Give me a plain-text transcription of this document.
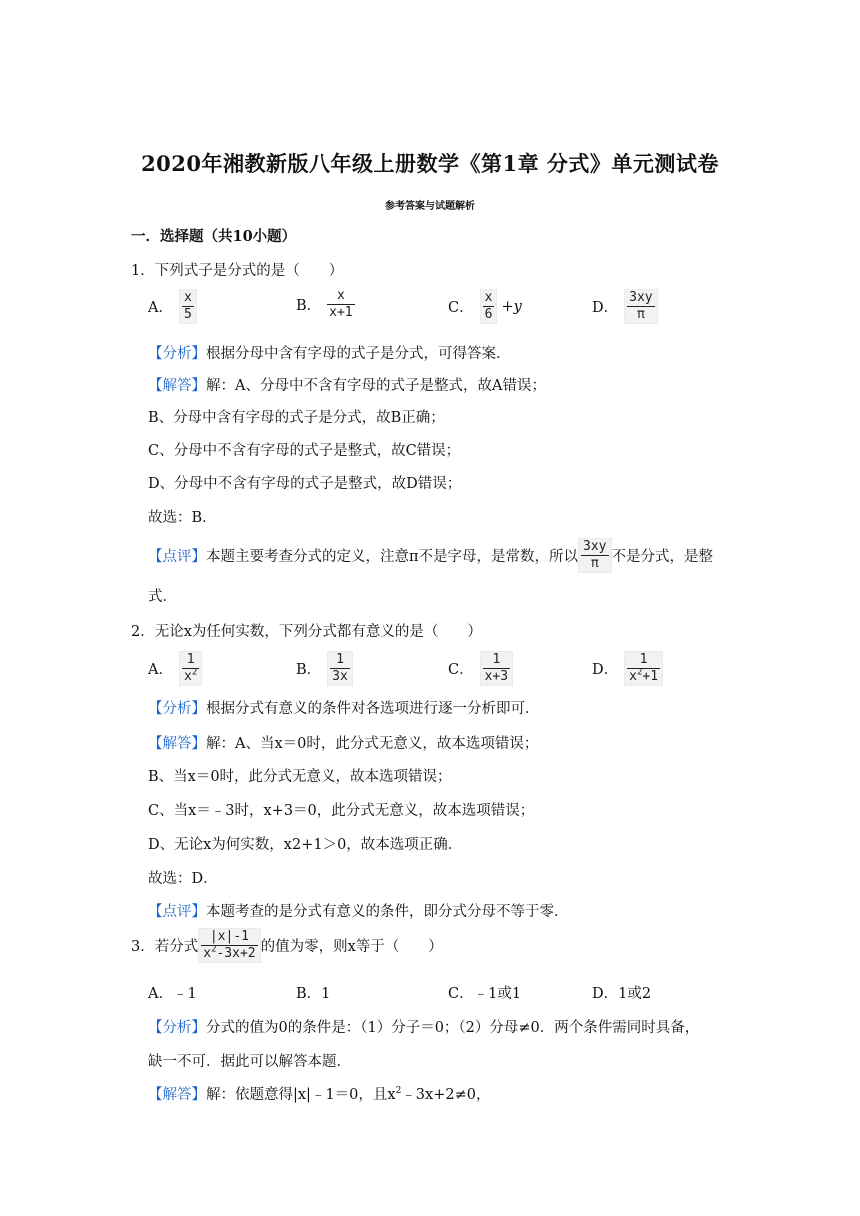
2020年湘教新版八年级上册数学《第1章 分式》单元测试卷
参考答案与试题解析
一．选择题（共10小题）
1．下列式子是分式的是（　　）
A． $\frac{x}{5}$	B． $\frac{x}{x+1}$	C． $\frac{x}{6} +y$	D． $\frac{3xy}{\pi}$
【分析】根据分母中含有字母的式子是分式，可得答案．
【解答】解：A、分母中不含有字母的式子是整式，故A错误；
B、分母中含有字母的式子是分式，故B正确；
C、分母中不含有字母的式子是整式，故C错误；
D、分母中不含有字母的式子是整式，故D错误；
故选：B．
【点评】 本题主要考查分式的定义，注意π不是字母，是常数，所以 $\frac{3xy}{\pi}$ 不是分式，是整
式．
2．无论x为任何实数，下列分式都有意义的是（　　）
A． $\frac{1}{x^2}$	B． $\frac{1}{3x}$	C． $\frac{1}{x+3}$	D． $\frac{1}{x^2+1}$
【分析】根据分式有意义的条件对各选项进行逐一分析即可．
【解答】解：A、当x＝0时，此分式无意义，故本选项错误；
B、当x＝0时，此分式无意义，故本选项错误；
C、当x＝﹣3时，x+3＝0，此分式无意义，故本选项错误；
D、无论x为何实数，x2+1＞0，故本选项正确．
故选：D．
【点评】本题考查的是分式有意义的条件，即分式分母不等于零．
3．若分式 $\frac{|x|-1}{x^2-3x+2}$ 的值为零，则x等于（　　）
A．﹣1	B．1	C．﹣1或1	D．1或2
【分析】分式的值为0的条件是：（1）分子＝0；（2）分母≠0．两个条件需同时具备，
缺一不可．据此可以解答本题．
【解答】解：依题意得|x|﹣1＝0，且$x^2﹣3x+2\ne 0$，
